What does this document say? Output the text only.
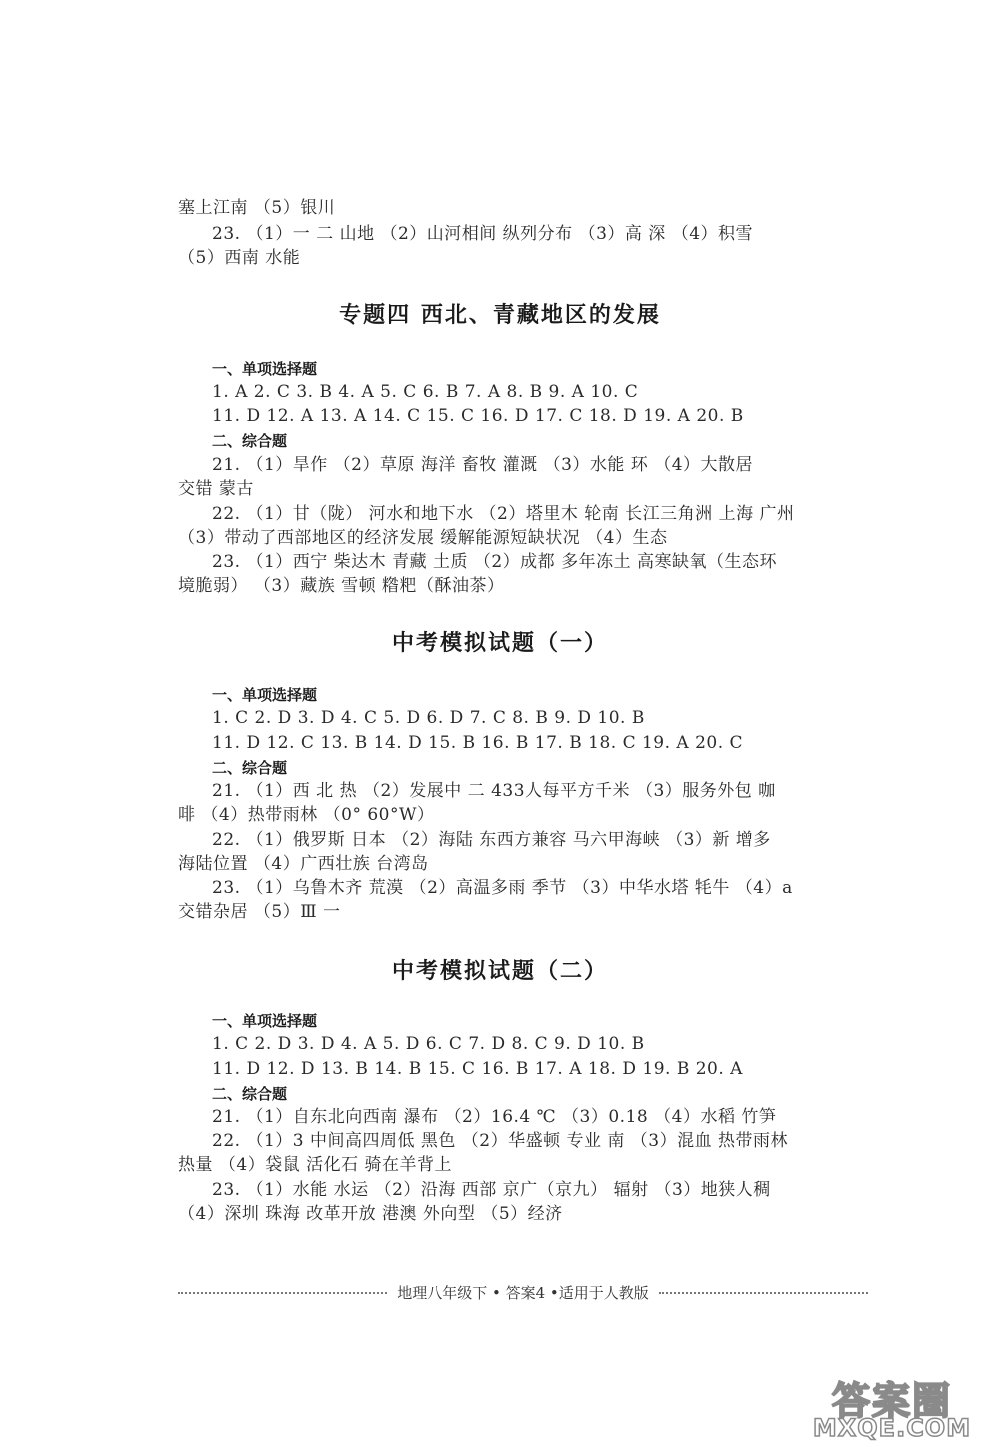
塞上江南 （5）银川
23. （1）一 二 山地 （2）山河相间 纵列分布 （3）高 深 （4）积雪
（5）西南 水能
专题四 西北、青藏地区的发展
一、单项选择题
1. A 2. C 3. B 4. A 5. C 6. B 7. A 8. B 9. A 10. C
11. D 12. A 13. A 14. C 15. C 16. D 17. C 18. D 19. A 20. B
二、综合题
21. （1）旱作 （2）草原 海洋 畜牧 灌溉 （3）水能 环 （4）大散居
交错 蒙古
22. （1）甘（陇） 河水和地下水 （2）塔里木 轮南 长江三角洲 上海 广州
（3）带动了西部地区的经济发展 缓解能源短缺状况 （4）生态
23. （1）西宁 柴达木 青藏 土质 （2）成都 多年冻土 高寒缺氧（生态环
境脆弱） （3）藏族 雪顿 糌粑（酥油茶）
中考模拟试题（一）
一、单项选择题
1. C 2. D 3. D 4. C 5. D 6. D 7. C 8. B 9. D 10. B
11. D 12. C 13. B 14. D 15. B 16. B 17. B 18. C 19. A 20. C
二、综合题
21. （1）西 北 热 （2）发展中 二 433人每平方千米 （3）服务外包 咖
啡 （4）热带雨林 （0° 60°W）
22. （1）俄罗斯 日本 （2）海陆 东西方兼容 马六甲海峡 （3）新 增多
海陆位置 （4）广西壮族 台湾岛
23. （1）乌鲁木齐 荒漠 （2）高温多雨 季节 （3）中华水塔 牦牛 （4）a
交错杂居 （5）Ⅲ 一
中考模拟试题（二）
一、单项选择题
1. C 2. D 3. D 4. A 5. D 6. C 7. D 8. C 9. D 10. B
11. D 12. D 13. B 14. B 15. C 16. B 17. A 18. D 19. B 20. A
二、综合题
21. （1）自东北向西南 瀑布 （2）16.4 ℃ （3）0.18 （4）水稻 竹笋
22. （1）3 中间高四周低 黑色 （2）华盛顿 专业 南 （3）混血 热带雨林
热量 （4）袋鼠 活化石 骑在羊背上
23. （1）水能 水运 （2）沿海 西部 京广（京九） 辐射 （3）地狭人稠
（4）深圳 珠海 改革开放 港澳 外向型 （5）经济
地理八年级下 • 答案4 •适用于人教版
答案圈
MXQE.COM
